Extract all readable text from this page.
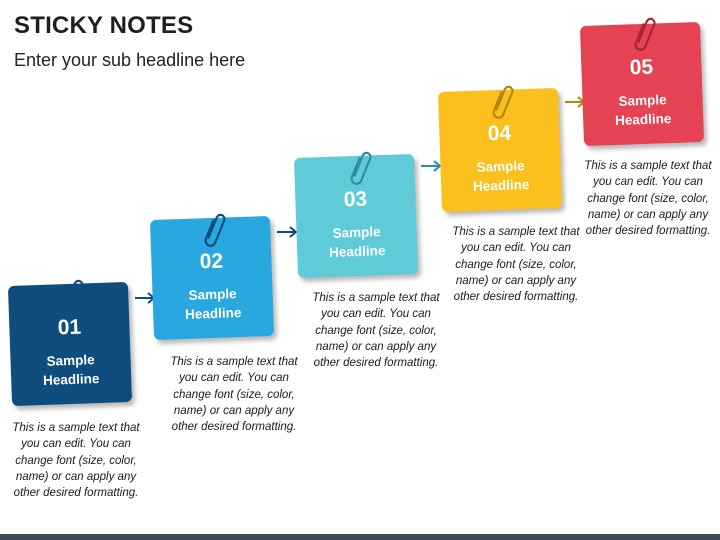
STICKY NOTES
Enter your sub headline here
01
Sample Headline
This is a sample text that you can edit. You can change font (size, color, name) or can apply any other desired formatting.
02
Sample Headline
This is a sample text that you can edit. You can change font (size, color, name) or can apply any other desired formatting.
03
Sample Headline
This is a sample text that you can edit. You can change font (size, color, name) or can apply any other desired formatting.
04
Sample Headline
This is a sample text that you can edit. You can change font (size, color, name) or can apply any other desired formatting.
05
Sample Headline
This is a sample text that you can edit. You can change font (size, color, name) or can apply any other desired formatting.
